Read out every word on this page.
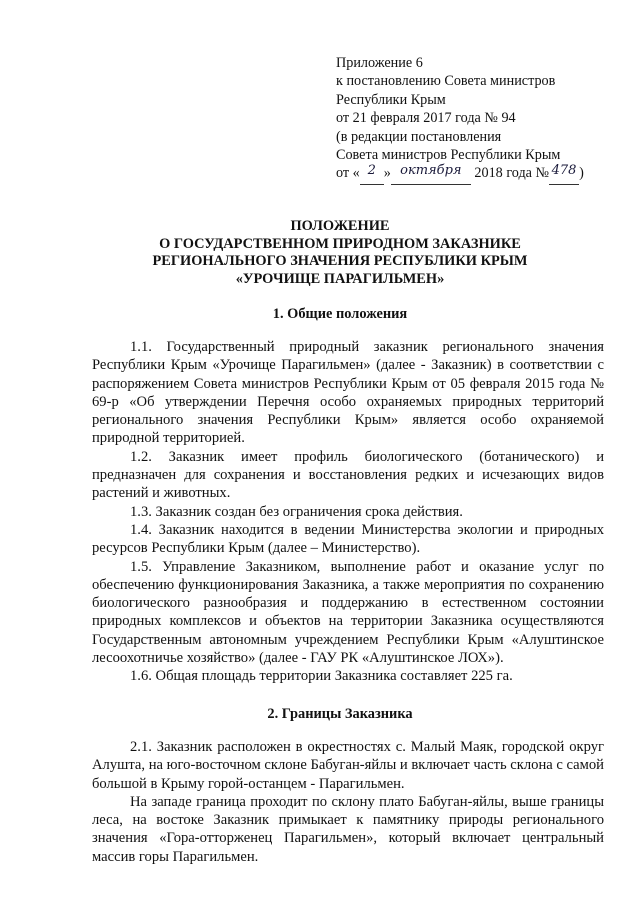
Приложение 6
к постановлению Совета министров
Республики Крым
от 21 февраля 2017 года № 94
(в редакции постановления
Совета министров Республики Крым
от « 2 » октября 2018 года № 478 )
ПОЛОЖЕНИЕ
О ГОСУДАРСТВЕННОМ ПРИРОДНОМ ЗАКАЗНИКЕ
РЕГИОНАЛЬНОГО ЗНАЧЕНИЯ РЕСПУБЛИКИ КРЫМ
«УРОЧИЩЕ ПАРАГИЛЬМЕН»
1. Общие положения

1.1. Государственный природный заказник регионального значения Республики Крым «Урочище Парагильмен» (далее - Заказник) в соответствии с распоряжением Совета министров Республики Крым от 05 февраля 2015 года № 69-р «Об утверждении Перечня особо охраняемых природных территорий регионального значения Республики Крым» является особо охраняемой природной территорией.

1.2. Заказник имеет профиль биологического (ботанического) и предназначен для сохранения и восстановления редких и исчезающих видов растений и животных.

1.3. Заказник создан без ограничения срока действия.

1.4. Заказник находится в ведении Министерства экологии и природных ресурсов Республики Крым (далее – Министерство).

1.5. Управление Заказником, выполнение работ и оказание услуг по обеспечению функционирования Заказника, а также мероприятия по сохранению биологического разнообразия и поддержанию в естественном состоянии природных комплексов и объектов на территории Заказника осуществляются Государственным автономным учреждением Республики Крым «Алуштинское лесоохотничье хозяйство» (далее - ГАУ РК «Алуштинское ЛОХ»).

1.6. Общая площадь территории Заказника составляет 225 га.

2. Границы Заказника

2.1. Заказник расположен в окрестностях с. Малый Маяк, городской округ Алушта, на юго-восточном склоне Бабуган-яйлы и включает часть склона с самой большой в Крыму горой-останцем - Парагильмен.

На западе граница проходит по склону плато Бабуган-яйлы, выше границы леса, на востоке Заказник примыкает к памятнику природы регионального значения «Гора-отторженец Парагильмен», который включает центральный массив горы Парагильмен.
